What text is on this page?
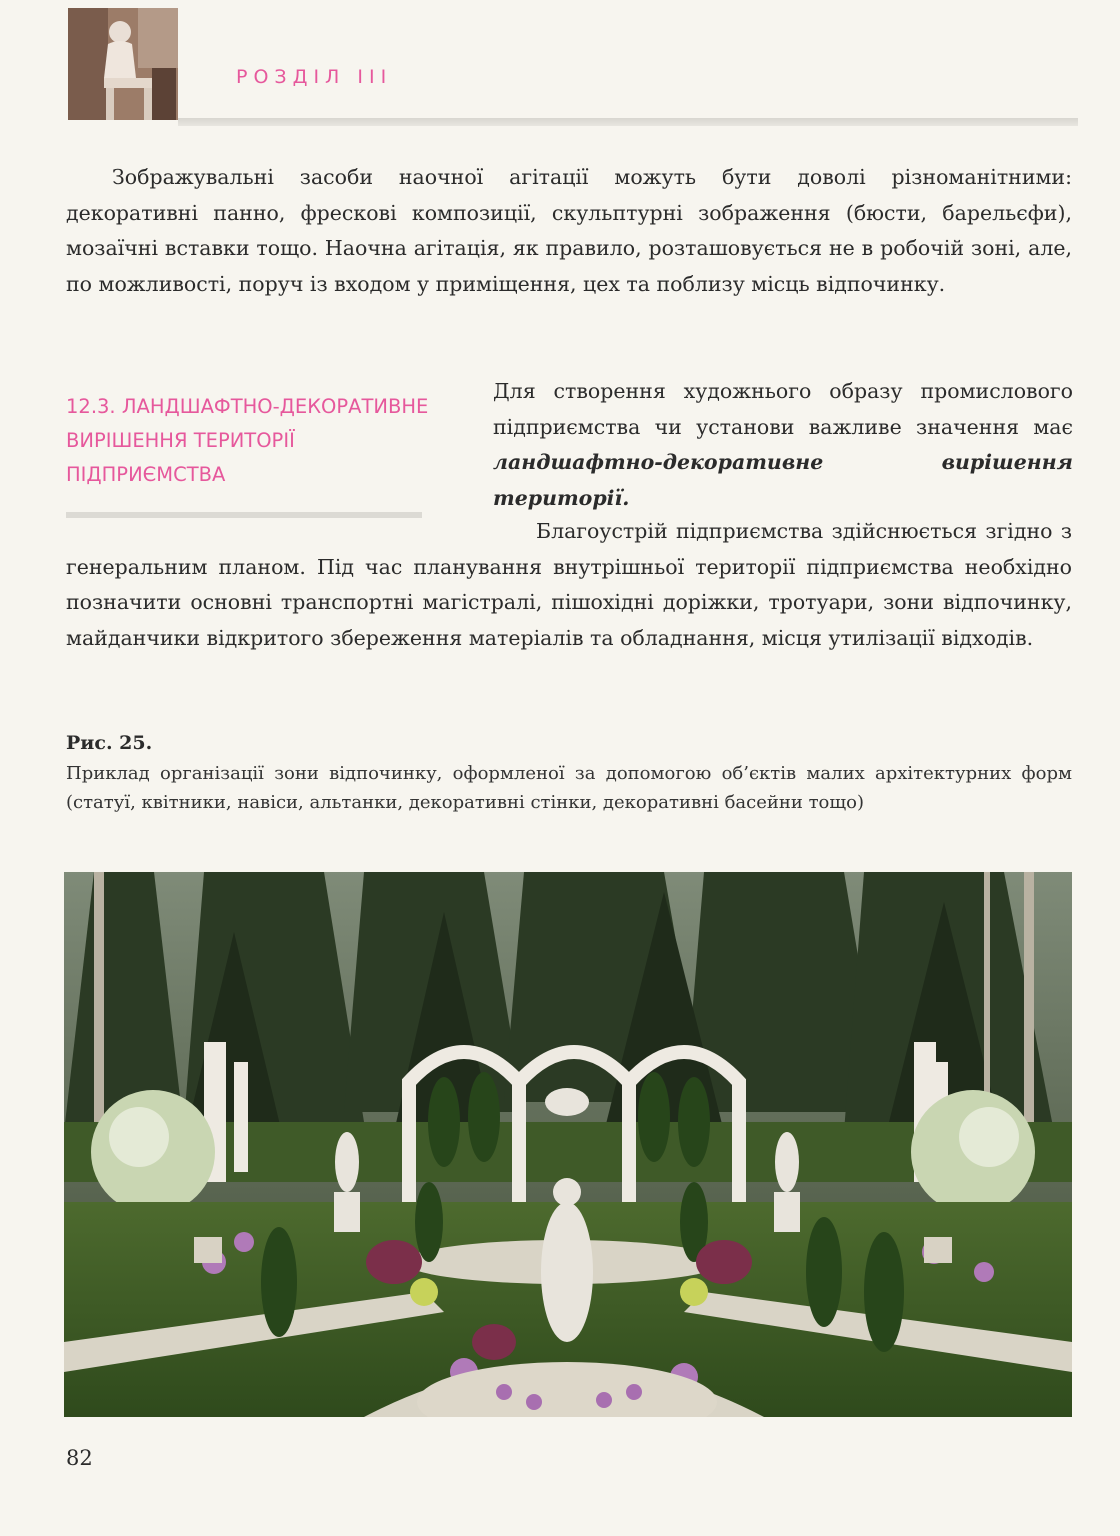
РОЗДІЛ ІІІ

Зображувальні засоби наочної агітації можуть бути доволі різноманітними: декоративні панно, фрескові композиції, скульптурні зображення (бюсти, барельєфи), мозаїчні вставки тощо. Наочна агітація, як правило, розташовується не в робочій зоні, але, по можливості, поруч із входом у приміщення, цех та поблизу місць відпочинку.

12.3. ЛАНДШАФТНО-ДЕКОРАТИВНЕ ВИРІШЕННЯ ТЕРИТОРІЇ ПІДПРИЄМСТВА

Для створення художнього образу промислового підприємства чи установи важливе значення має ландшафтно-декоративне вирішення території.

Благоустрій підприємства здійснюється згідно з генеральним планом. Під час планування внутрішньої території підприємства необхідно позначити основні транспортні магістралі, пішохідні доріжки, тротуари, зони відпочинку, майданчики відкритого збереження матеріалів та обладнання, місця утилізації відходів.

Рис. 25.

Приклад організації зони відпочинку, оформленої за допомогою об’єктів малих архітектурних форм (статуї, квітники, навіси, альтанки, декоративні стінки, декоративні басейни тощо)

82
